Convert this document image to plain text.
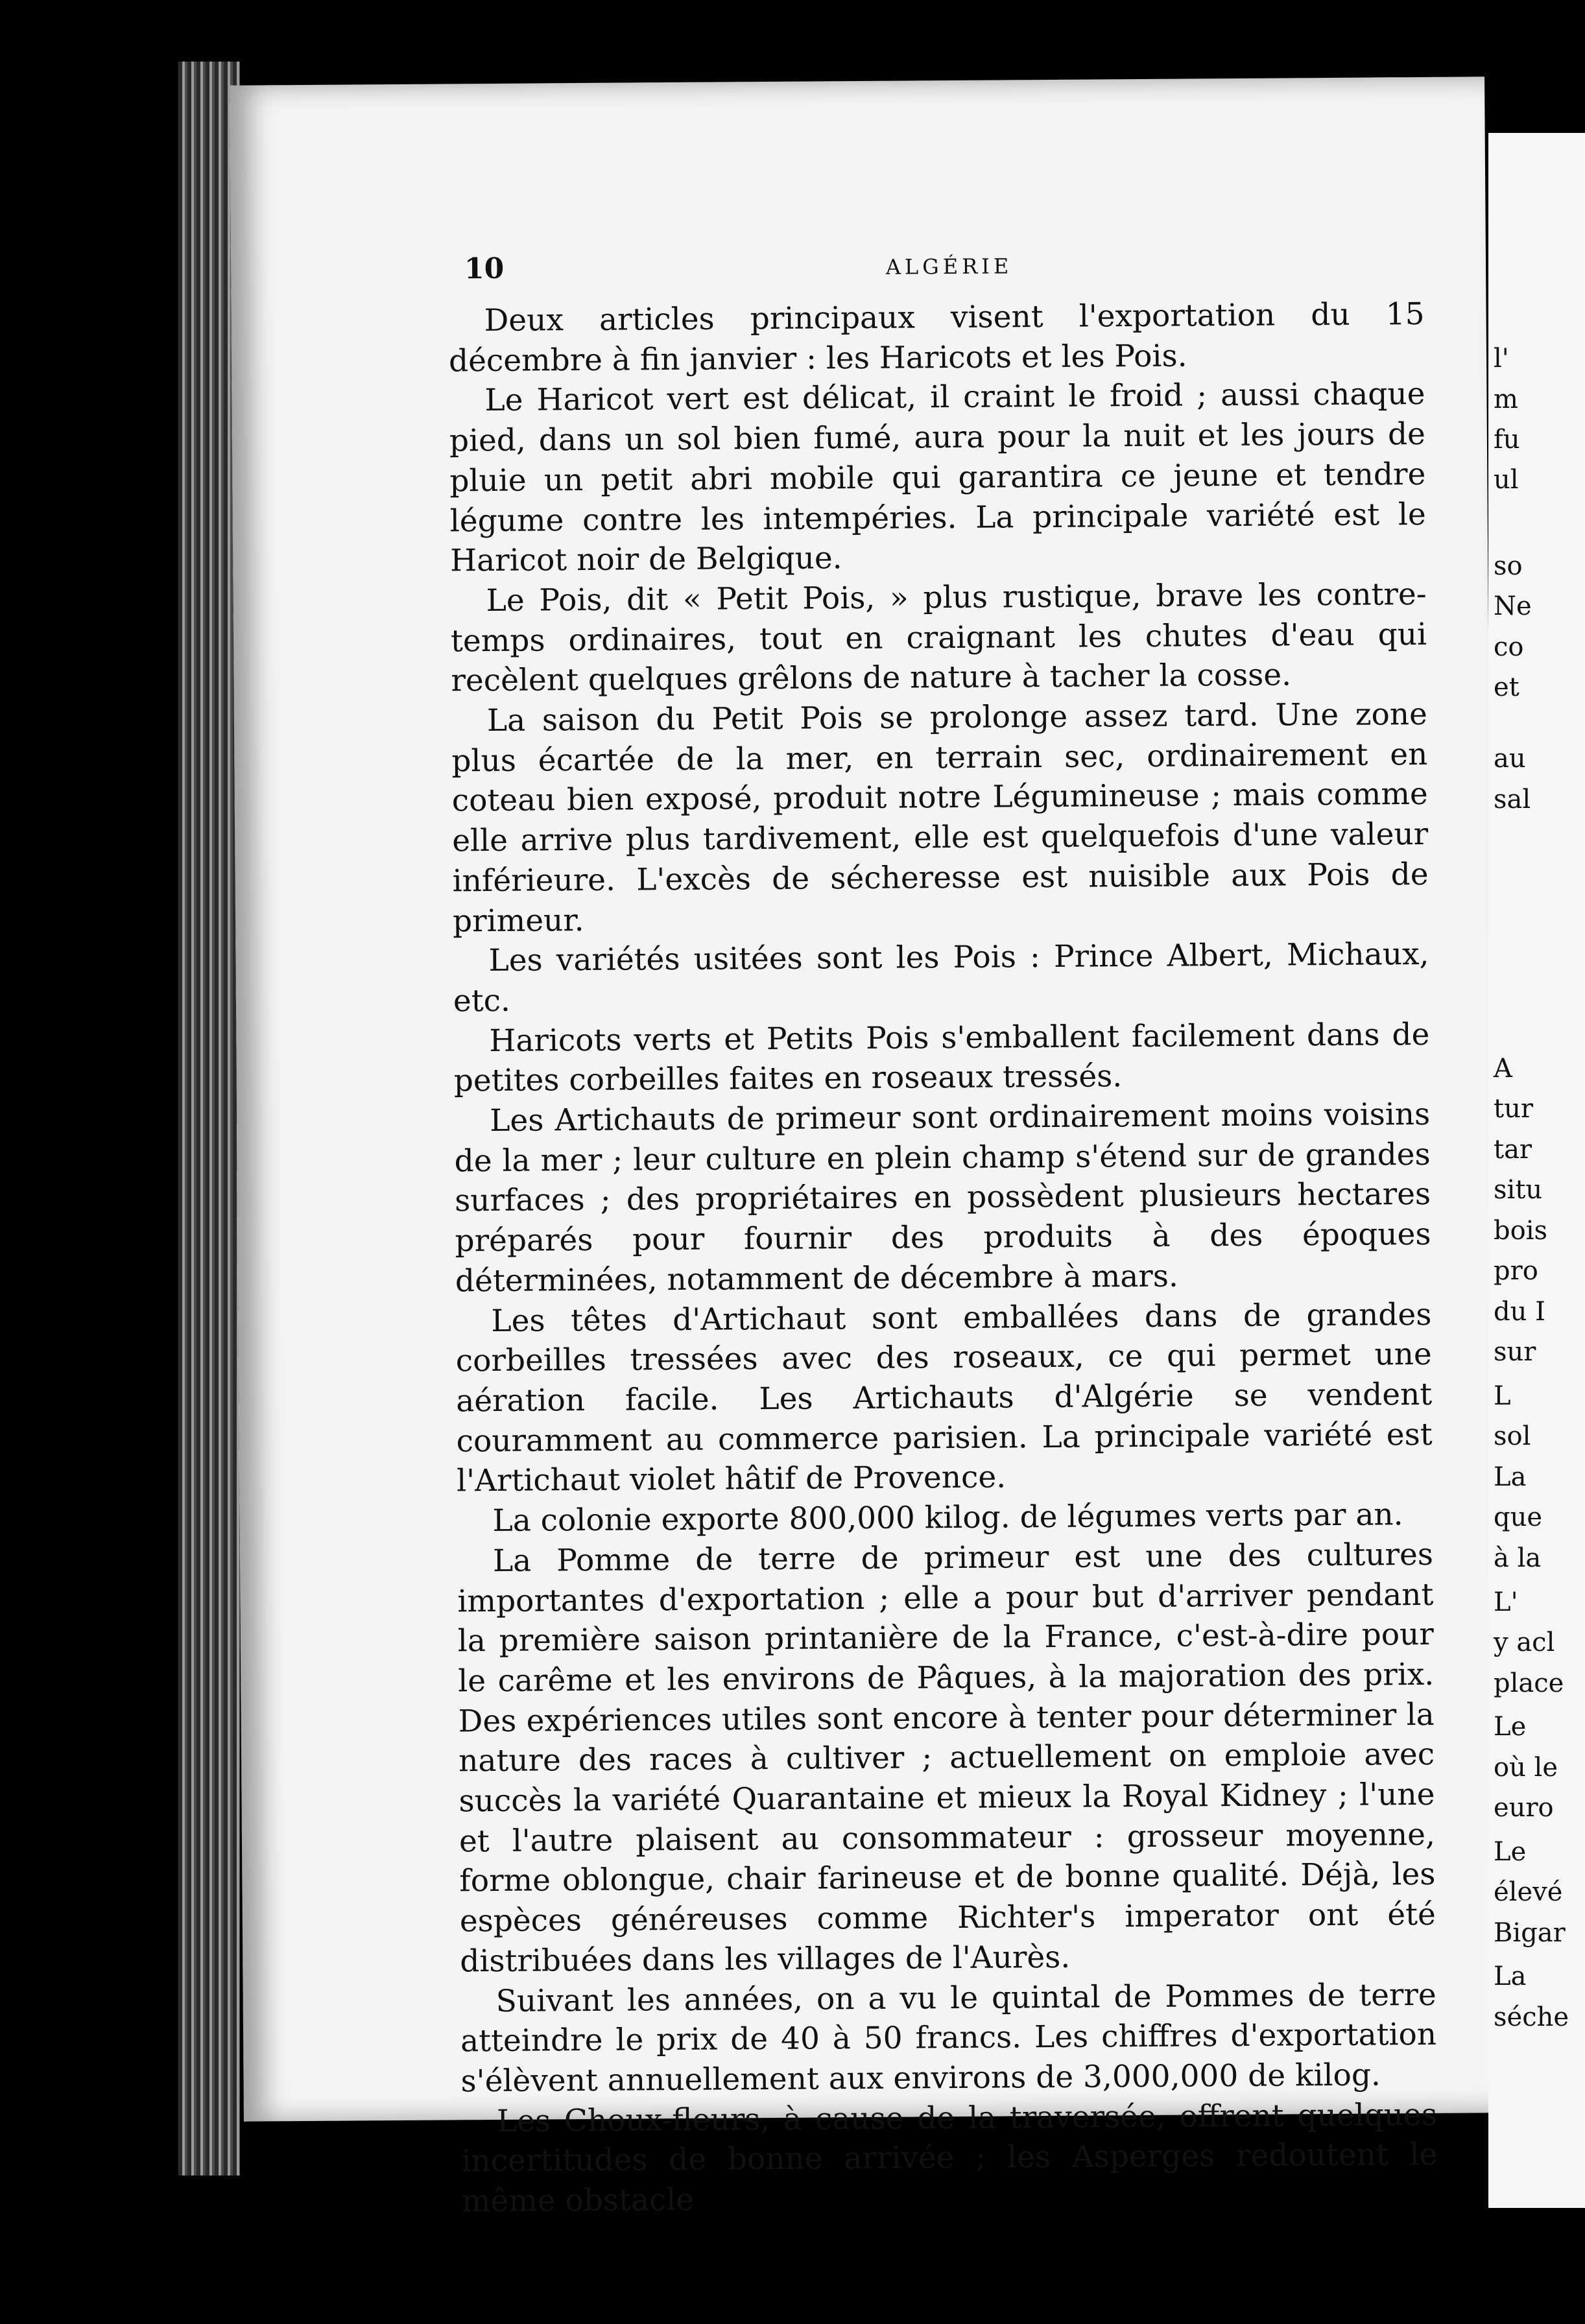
10	ALGÉRIE

Deux articles principaux visent l'exportation du 15 décembre à fin janvier : les Haricots et les Pois.

Le Haricot vert est délicat, il craint le froid ; aussi chaque pied, dans un sol bien fumé, aura pour la nuit et les jours de pluie un petit abri mobile qui garantira ce jeune et tendre légume contre les intempéries. La principale variété est le Haricot noir de Belgique.

Le Pois, dit « Petit Pois, » plus rustique, brave les contre-temps ordinaires, tout en craignant les chutes d'eau qui recèlent quelques grêlons de nature à tacher la cosse.

La saison du Petit Pois se prolonge assez tard. Une zone plus écartée de la mer, en terrain sec, ordinairement en coteau bien exposé, produit notre Légumineuse ; mais comme elle arrive plus tardivement, elle est quelquefois d'une valeur inférieure. L'excès de sécheresse est nuisible aux Pois de primeur.

Les variétés usitées sont les Pois : Prince Albert, Michaux, etc.

Haricots verts et Petits Pois s'emballent facilement dans de petites corbeilles faites en roseaux tressés.

Les Artichauts de primeur sont ordinairement moins voisins de la mer ; leur culture en plein champ s'étend sur de grandes surfaces ; des propriétaires en possèdent plusieurs hectares préparés pour fournir des produits à des époques déterminées, notamment de décembre à mars.

Les têtes d'Artichaut sont emballées dans de grandes corbeilles tressées avec des roseaux, ce qui permet une aération facile. Les Artichauts d'Algérie se vendent couramment au commerce parisien. La principale variété est l'Artichaut violet hâtif de Provence.

La colonie exporte 800,000 kilog. de légumes verts par an.

La Pomme de terre de primeur est une des cultures importantes d'exportation ; elle a pour but d'arriver pendant la première saison printanière de la France, c'est-à-dire pour le carême et les environs de Pâques, à la majoration des prix. Des expériences utiles sont encore à tenter pour déterminer la nature des races à cultiver ; actuellement on emploie avec succès la variété Quarantaine et mieux la Royal Kidney ; l'une et l'autre plaisent au consommateur : grosseur moyenne, forme oblongue, chair farineuse et de bonne qualité. Déjà, les espèces généreuses comme Richter's imperator ont été distribuées dans les villages de l'Aurès.

Suivant les années, on a vu le quintal de Pommes de terre atteindre le prix de 40 à 50 francs. Les chiffres d'exportation s'élèvent annuellement aux environs de 3,000,000 de kilog.

Les Choux-fleurs, à cause de la traversée, offrent quelques incertitudes de bonne arrivée ; les Asperges redoutent le même obstacle

l'
m
fu
ul
so
Ne
co
et
au
sal
A
tur
tar
situ
bois
pro
du I
sur
L
sol
La
que
à la
L'
y acl
place
Le
où le
euro
Le
élevé
Bigar
La
séche
